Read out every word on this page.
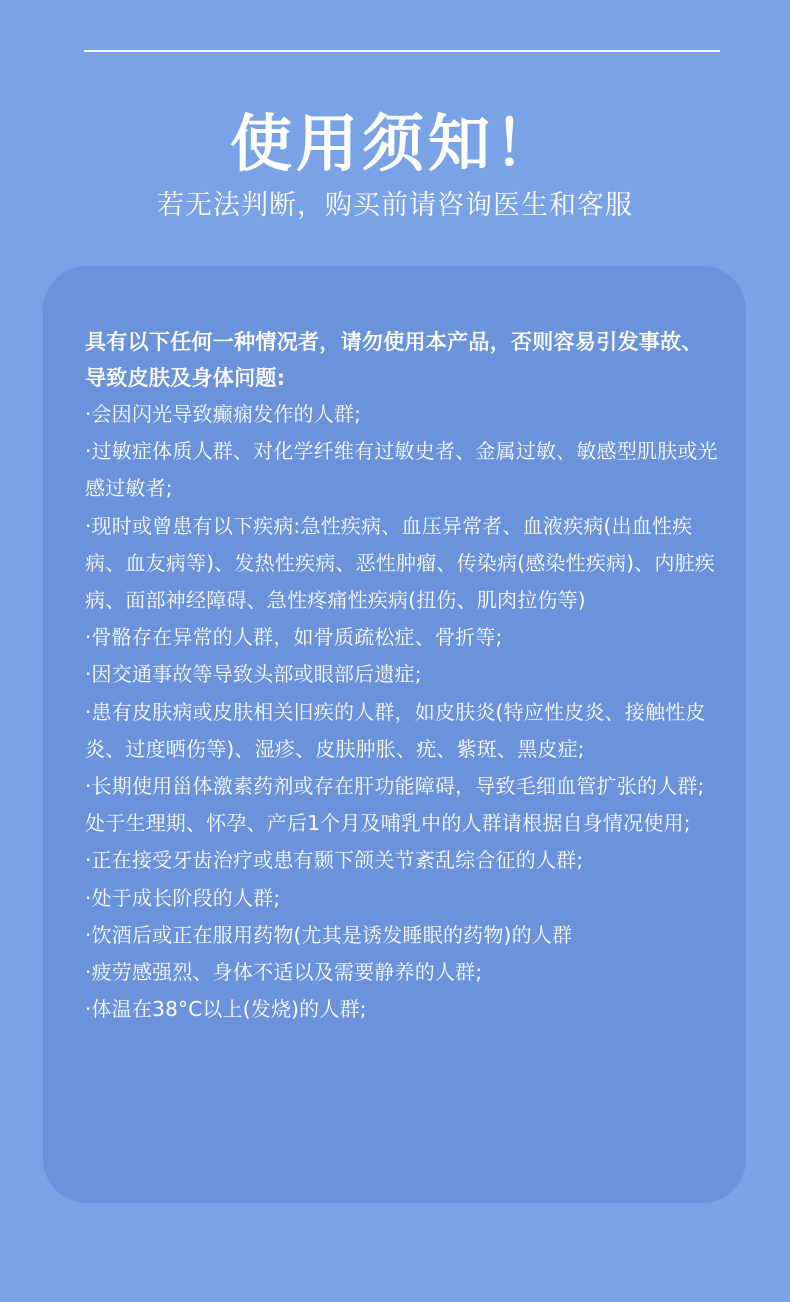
使用须知！
若无法判断，购买前请咨询医生和客服

具有以下任何一种情况者，请勿使用本产品，否则容易引发事故、导致皮肤及身体问题:

·会因闪光导致癫痫发作的人群;
·过敏症体质人群、对化学纤维有过敏史者、金属过敏、敏感型肌肤或光感过敏者;
·现时或曾患有以下疾病:急性疾病、血压异常者、血液疾病(出血性疾病、血友病等)、发热性疾病、恶性肿瘤、传染病(感染性疾病)、内脏疾病、面部神经障碍、急性疼痛性疾病(扭伤、肌肉拉伤等)
·骨骼存在异常的人群，如骨质疏松症、骨折等;
·因交通事故等导致头部或眼部后遗症;
·患有皮肤病或皮肤相关旧疾的人群，如皮肤炎(特应性皮炎、接触性皮炎、过度晒伤等)、湿疹、皮肤肿胀、疣、紫斑、黑皮症;
·长期使用甾体激素药剂或存在肝功能障碍，导致毛细血管扩张的人群;处于生理期、怀孕、产后1个月及哺乳中的人群请根据自身情况使用;
·正在接受牙齿治疗或患有颞下颌关节紊乱综合征的人群;
·处于成长阶段的人群;
·饮酒后或正在服用药物(尤其是诱发睡眠的药物)的人群
·疲劳感强烈、身体不适以及需要静养的人群;
·体温在38°C以上(发烧)的人群;
